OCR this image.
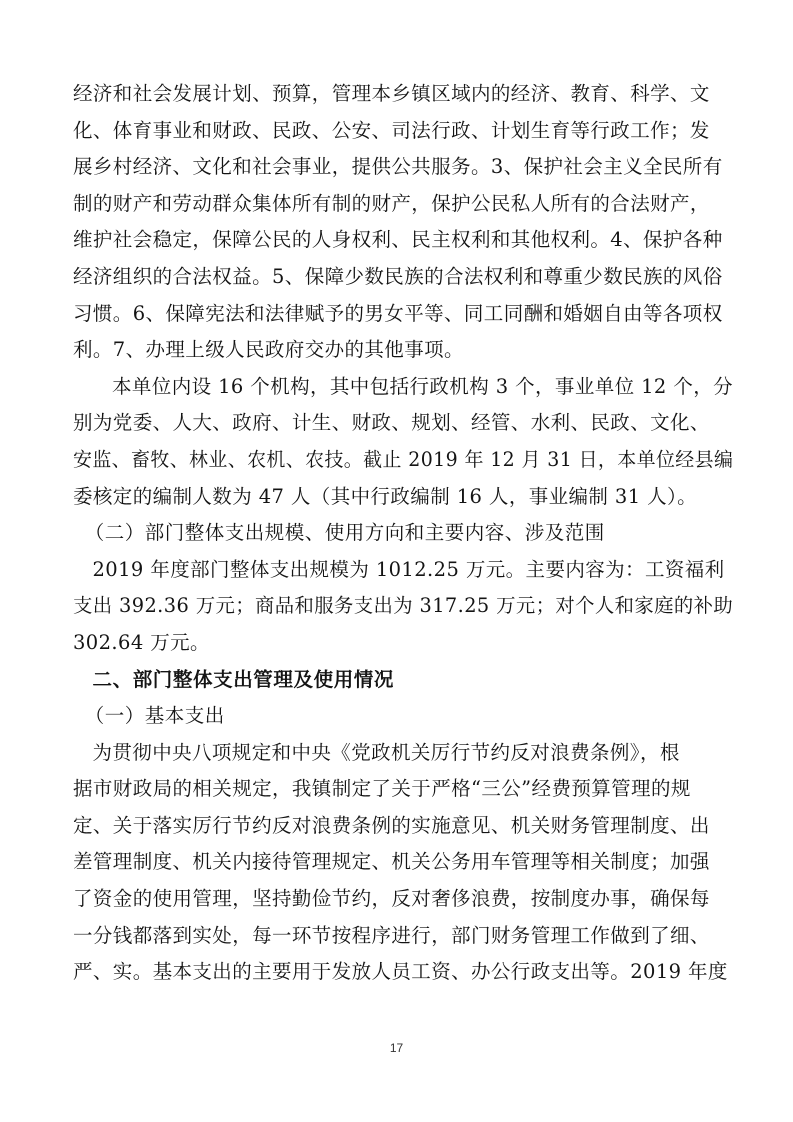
经济和社会发展计划、预算，管理本乡镇区域内的经济、教育、科学、文
化、体育事业和财政、民政、公安、司法行政、计划生育等行政工作；发
展乡村经济、文化和社会事业，提供公共服务。3、保护社会主义全民所有
制的财产和劳动群众集体所有制的财产，保护公民私人所有的合法财产，
维护社会稳定，保障公民的人身权利、民主权利和其他权利。4、保护各种
经济组织的合法权益。5、保障少数民族的合法权利和尊重少数民族的风俗
习惯。6、保障宪法和法律赋予的男女平等、同工同酬和婚姻自由等各项权
利。7、办理上级人民政府交办的其他事项。

本单位内设 16 个机构，其中包括行政机构 3 个，事业单位 12 个，分
别为党委、人大、政府、计生、财政、规划、经管、水利、民政、文化、
安监、畜牧、林业、农机、农技。截止 2019 年 12 月 31 日，本单位经县编
委核定的编制人数为 47 人（其中行政编制 16 人，事业编制 31 人）。

（二）部门整体支出规模、使用方向和主要内容、涉及范围

2019 年度部门整体支出规模为 1012.25 万元。主要内容为：工资福利
支出 392.36 万元；商品和服务支出为 317.25 万元；对个人和家庭的补助
302.64 万元。

二、部门整体支出管理及使用情况

（一）基本支出

为贯彻中央八项规定和中央《党政机关厉行节约反对浪费条例》，根
据市财政局的相关规定，我镇制定了关于严格“三公”经费预算管理的规
定、关于落实厉行节约反对浪费条例的实施意见、机关财务管理制度、出
差管理制度、机关内接待管理规定、机关公务用车管理等相关制度；加强
了资金的使用管理，坚持勤俭节约，反对奢侈浪费，按制度办事，确保每
一分钱都落到实处，每一环节按程序进行，部门财务管理工作做到了细、
严、实。基本支出的主要用于发放人员工资、办公行政支出等。2019 年度

17
